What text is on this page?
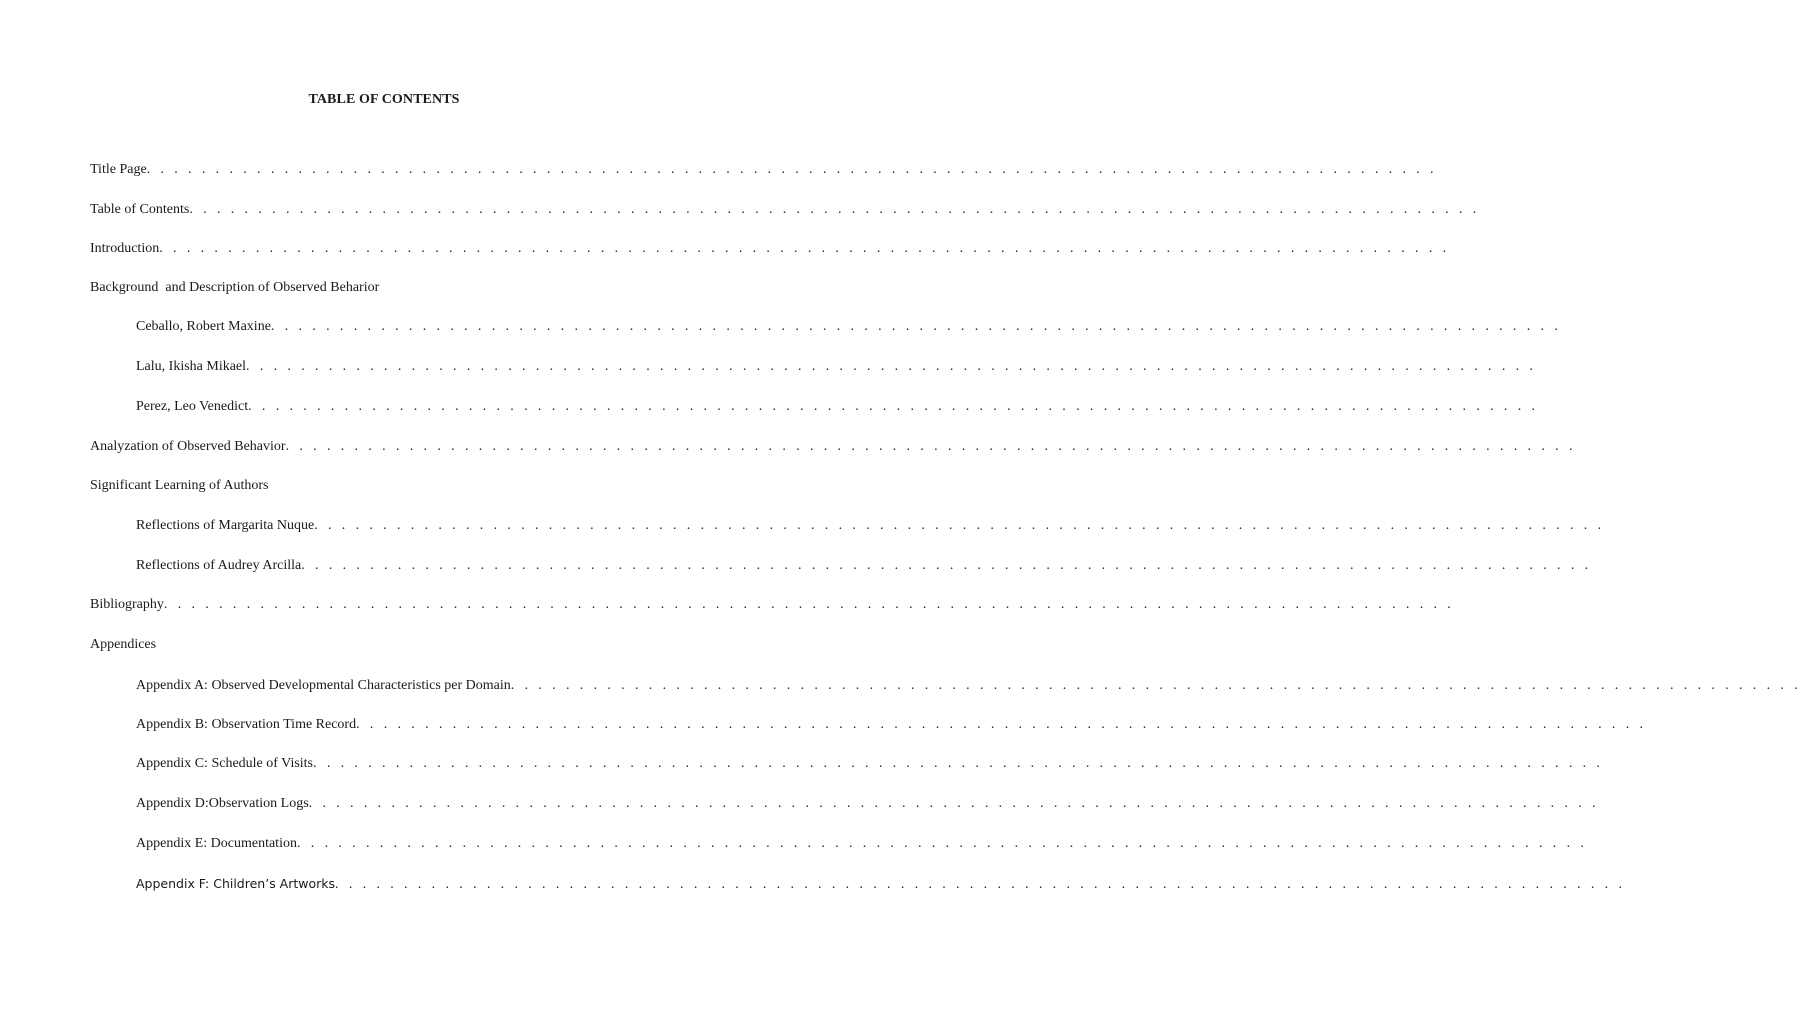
TABLE OF CONTENTS
Title Page. . . . . . . . . . . . . . . . . . . . . . . . . . . . . . . . . . . . . . . . . . . . . . . . . . . . . . . . . . . . . . . . . . . . . . . . . . . . . . . . . . . . . . . . . . . . . .
Table of Contents. . . . . . . . . . . . . . . . . . . . . . . . . . . . . . . . . . . . . . . . . . . . . . . . . . . . . . . . . . . . . . . . . . . . . . . . . . . . . . . . . . . . . . . . . . . . . .
Introduction. . . . . . . . . . . . . . . . . . . . . . . . . . . . . . . . . . . . . . . . . . . . . . . . . . . . . . . . . . . . . . . . . . . . . . . . . . . . . . . . . . . . . . . . . . . . . .
Background  and Description of Observed Beharior
Ceballo, Robert Maxine. . . . . . . . . . . . . . . . . . . . . . . . . . . . . . . . . . . . . . . . . . . . . . . . . . . . . . . . . . . . . . . . . . . . . . . . . . . . . . . . . . . . . . . . . . . . . .
Lalu, Ikisha Mikael. . . . . . . . . . . . . . . . . . . . . . . . . . . . . . . . . . . . . . . . . . . . . . . . . . . . . . . . . . . . . . . . . . . . . . . . . . . . . . . . . . . . . . . . . . . . . .
Perez, Leo Venedict. . . . . . . . . . . . . . . . . . . . . . . . . . . . . . . . . . . . . . . . . . . . . . . . . . . . . . . . . . . . . . . . . . . . . . . . . . . . . . . . . . . . . . . . . . . . . .
Analyzation of Observed Behavior. . . . . . . . . . . . . . . . . . . . . . . . . . . . . . . . . . . . . . . . . . . . . . . . . . . . . . . . . . . . . . . . . . . . . . . . . . . . . . . . . . . . . . . . . . . . . .
Significant Learning of Authors
Reflections of Margarita Nuque. . . . . . . . . . . . . . . . . . . . . . . . . . . . . . . . . . . . . . . . . . . . . . . . . . . . . . . . . . . . . . . . . . . . . . . . . . . . . . . . . . . . . . . . . . . . . .
Reflections of Audrey Arcilla. . . . . . . . . . . . . . . . . . . . . . . . . . . . . . . . . . . . . . . . . . . . . . . . . . . . . . . . . . . . . . . . . . . . . . . . . . . . . . . . . . . . . . . . . . . . . .
Bibliography. . . . . . . . . . . . . . . . . . . . . . . . . . . . . . . . . . . . . . . . . . . . . . . . . . . . . . . . . . . . . . . . . . . . . . . . . . . . . . . . . . . . . . . . . . . . . .
Appendices
Appendix A: Observed Developmental Characteristics per Domain. . . . . . . . . . . . . . . . . . . . . . . . . . . . . . . . . . . . . . . . . . . . . . . . . . . . . . . . . . . . . . . . . . . . . . . . . . . . . . . . . . . . . . . . . . . . . .
Appendix B: Observation Time Record. . . . . . . . . . . . . . . . . . . . . . . . . . . . . . . . . . . . . . . . . . . . . . . . . . . . . . . . . . . . . . . . . . . . . . . . . . . . . . . . . . . . . . . . . . . . . .
Appendix C: Schedule of Visits. . . . . . . . . . . . . . . . . . . . . . . . . . . . . . . . . . . . . . . . . . . . . . . . . . . . . . . . . . . . . . . . . . . . . . . . . . . . . . . . . . . . . . . . . . . . . .
Appendix D:Observation Logs. . . . . . . . . . . . . . . . . . . . . . . . . . . . . . . . . . . . . . . . . . . . . . . . . . . . . . . . . . . . . . . . . . . . . . . . . . . . . . . . . . . . . . . . . . . . . .
Appendix E: Documentation. . . . . . . . . . . . . . . . . . . . . . . . . . . . . . . . . . . . . . . . . . . . . . . . . . . . . . . . . . . . . . . . . . . . . . . . . . . . . . . . . . . . . . . . . . . . . .
Appendix F: Children’s Artworks. . . . . . . . . . . . . . . . . . . . . . . . . . . . . . . . . . . . . . . . . . . . . . . . . . . . . . . . . . . . . . . . . . . . . . . . . . . . . . . . . . . . . . . . . . . . . .
